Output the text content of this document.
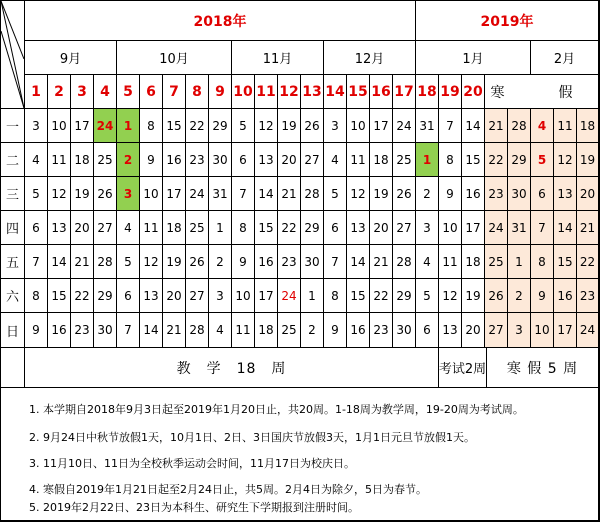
2018年	2019年
9月	10月	11月	12月	1月	2月
1 2 3 4 5 6 7 8 9 10 11 12 13 14 15 16 17 18 19 20 寒　假
一	3 10 17 24 1	8 15 22 29 5 12 19 26 3 10 17 24 31 7 14 21 28 4 11 18
二	4 11 18 25 2	9 16 23 30 6 13 20 27 4 11 18 25 1	8 15 22 29 5 12 19
三	5 12 19 26 3 10 17 24 31 7 14 21 28 5 12 19 26 2	9 16 23 30 6 13 20
四	6 13 20 27 4 11 18 25 1	8 15 22 29 6 13 20 27 3 10 17 24 31 7 14 21
五	7 14 21 28 5 12 19 26 2	9 16 23 30 7 14 21 28 4 11 18 25 1	8 15 22
六	8 15 22 29 6 13 20 27 3 10 17 24 1	8 15 22 29 5 12 19 26 2	9 16 23
日	9 16 23 30 7 14 21 28 4 11 18 25 2	9 16 23 30 6 13 20 27 3 10 17 24
教　学　18　周	考试2周	寒 假 5 周
1. 本学期自2018年9月3日起至2019年1月20日止，共20周。1-18周为教学周，19-20周为考试周。
2. 9月24日中秋节放假1天，10月1日、2日、3日国庆节放假3天，1月1日元旦节放假1天。
3. 11月10日、11日为全校秋季运动会时间，11月17日为校庆日。
4. 寒假自2019年1月21日起至2月24日止，共5周。2月4日为除夕，5日为春节。
5. 2019年2月22日、23日为本科生、研究生下学期报到注册时间。
